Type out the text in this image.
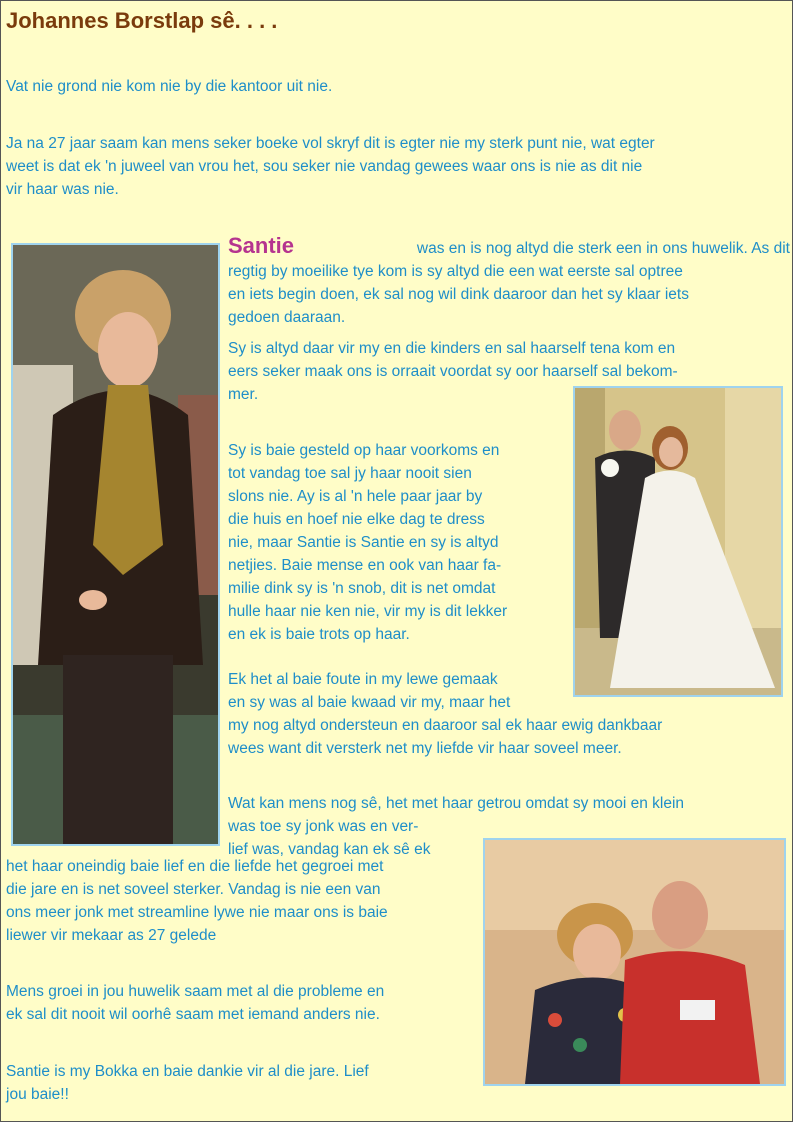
Johannes Borstlap sê. . . .
Vat nie grond nie kom nie by die kantoor uit nie.
Ja na 27 jaar saam kan mens seker boeke vol skryf dit is egter nie my sterk punt nie, wat egter
weet is dat ek 'n juweel van vrou het, sou seker nie vandag gewees waar ons is nie as dit nie
vir haar was nie.
Santie	was en is nog altyd die sterk een in ons huwelik. As dit
regtig by moeilike tye kom is sy altyd die een wat eerste sal optree
en iets begin doen, ek sal nog wil dink daaroor dan het sy klaar iets
gedoen daaraan.
Sy is altyd daar vir my en die kinders en sal haarself tena kom en
eers seker maak ons is orraait voordat sy oor haarself sal bekom-
mer.
Sy is baie gesteld op haar voorkoms en
tot vandag toe sal jy haar nooit sien
slons nie. Ay is al 'n hele paar jaar by
die huis en hoef nie elke dag te dress
nie, maar Santie is Santie en sy is altyd
netjies. Baie mense en ook van haar fa-
milie dink sy is 'n snob, dit is net omdat
hulle haar nie ken nie, vir my is dit lekker
en ek is baie trots op haar.
Ek het al baie foute in my lewe gemaak
en sy was al baie kwaad vir my, maar het
my nog altyd ondersteun en daaroor sal ek haar ewig dankbaar
wees want dit versterk net my liefde vir haar soveel meer.
Wat kan mens nog sê, het met haar getrou omdat sy mooi en klein
was toe sy jonk was en ver-
lief was, vandag kan ek sê ek
het haar oneindig baie lief en die liefde het gegroei met
die jare en is net soveel sterker. Vandag is nie een van
ons meer jonk met streamline lywe nie maar ons is baie
liewer vir mekaar as 27 gelede
Mens groei in jou huwelik saam met al die probleme en
ek sal dit nooit wil oorhê saam met iemand anders nie.
Santie is my Bokka en baie dankie vir al die jare. Lief
jou baie!!
